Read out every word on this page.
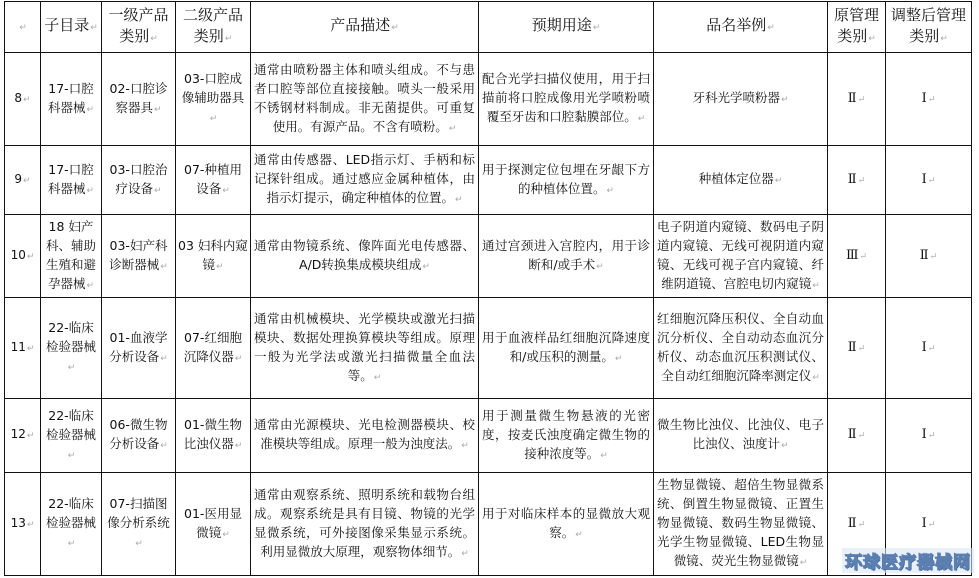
↵	子目录 ↵	一级产品类别 ↵	二级产品类别 ↵	产品描述 ↵	预期用途 ↵	品名举例 ↵	原管理类别 ↵	调整后管理类别 ↵
8 ↵	17-口腔科器械 ↵	02-口腔诊察器具 ↵	03-口腔成像辅助器具 ↵	通常由喷粉器主体和喷头组成。不与患者口腔等部位直接接触。喷头一般采用不锈钢材料制成。非无菌提供。可重复使用。有源产品。不含有喷粉。 ↵	配合光学扫描仪使用，用于扫描前将口腔成像用光学喷粉喷覆至牙齿和口腔黏膜部位。 ↵	牙科光学喷粉器 ↵	Ⅱ ↵	Ⅰ ↵
9 ↵	17-口腔科器械 ↵	03-口腔治疗设备 ↵	07-种植用设备 ↵	通常由传感器、LED指示灯、手柄和标记探针组成。通过感应金属种植体，由指示灯提示，确定种植体的位置。 ↵	用于探测定位包埋在牙龈下方的种植体位置。 ↵	种植体定位器 ↵	Ⅱ ↵	Ⅰ ↵
10 ↵	18 妇产科、辅助生殖和避孕器械 ↵	03-妇产科诊断器械 ↵	03 妇科内窥镜 ↵	通常由物镜系统、像阵面光电传感器、A/D转换集成模块组成 ↵	通过宫颈进入宫腔内，用于诊断和/或手术 ↵	电子阴道内窥镜、数码电子阴道内窥镜、无线可视阴道内窥镜、无线可视子宫内窥镜、纤维阴道镜、宫腔电切内窥镜 ↵	Ⅲ ↵	Ⅱ ↵
11 ↵	22-临床检验器械 ↵	01-血液学分析设备 ↵	07-红细胞沉降仪器 ↵	通常由机械模块、光学模块或激光扫描模块、数据处理换算模块等组成。原理一般为光学法或激光扫描微量全血法等。 ↵	用于血液样品红细胞沉降速度和/或压积的测量。 ↵	红细胞沉降压积仪、全自动血沉分析仪、全自动动态血沉分析仪、动态血沉压积测试仪、全自动红细胞沉降率测定仪 ↵	Ⅱ ↵	Ⅰ ↵
12 ↵	22-临床检验器械 ↵	06-微生物分析设备 ↵	01-微生物比浊仪器 ↵	通常由光源模块、光电检测器模块、校准模块等组成。原理一般为浊度法。 ↵	用于测量微生物悬液的光密度，按麦氏浊度确定微生物的接种浓度等。 ↵	微生物比浊仪、比浊仪、电子比浊仪、浊度计 ↵	Ⅱ ↵	Ⅰ ↵
13 ↵	22-临床检验器械 ↵	07-扫描图像分析系统 ↵	01-医用显微镜 ↵	通常由观察系统、照明系统和载物台组成。观察系统是具有目镜、物镜的光学显微系统，可外接图像采集显示系统。利用显微放大原理，观察物体细节。 ↵	用于对临床样本的显微放大观察。 ↵	生物显微镜、超倍生物显微系统、倒置生物显微镜、正置生物显微镜、数码生物显微镜、光学生物显微镜、LED生物显微镜、荧光生物显微镜 ↵	Ⅱ ↵	Ⅰ ↵
环球医疗器械网
